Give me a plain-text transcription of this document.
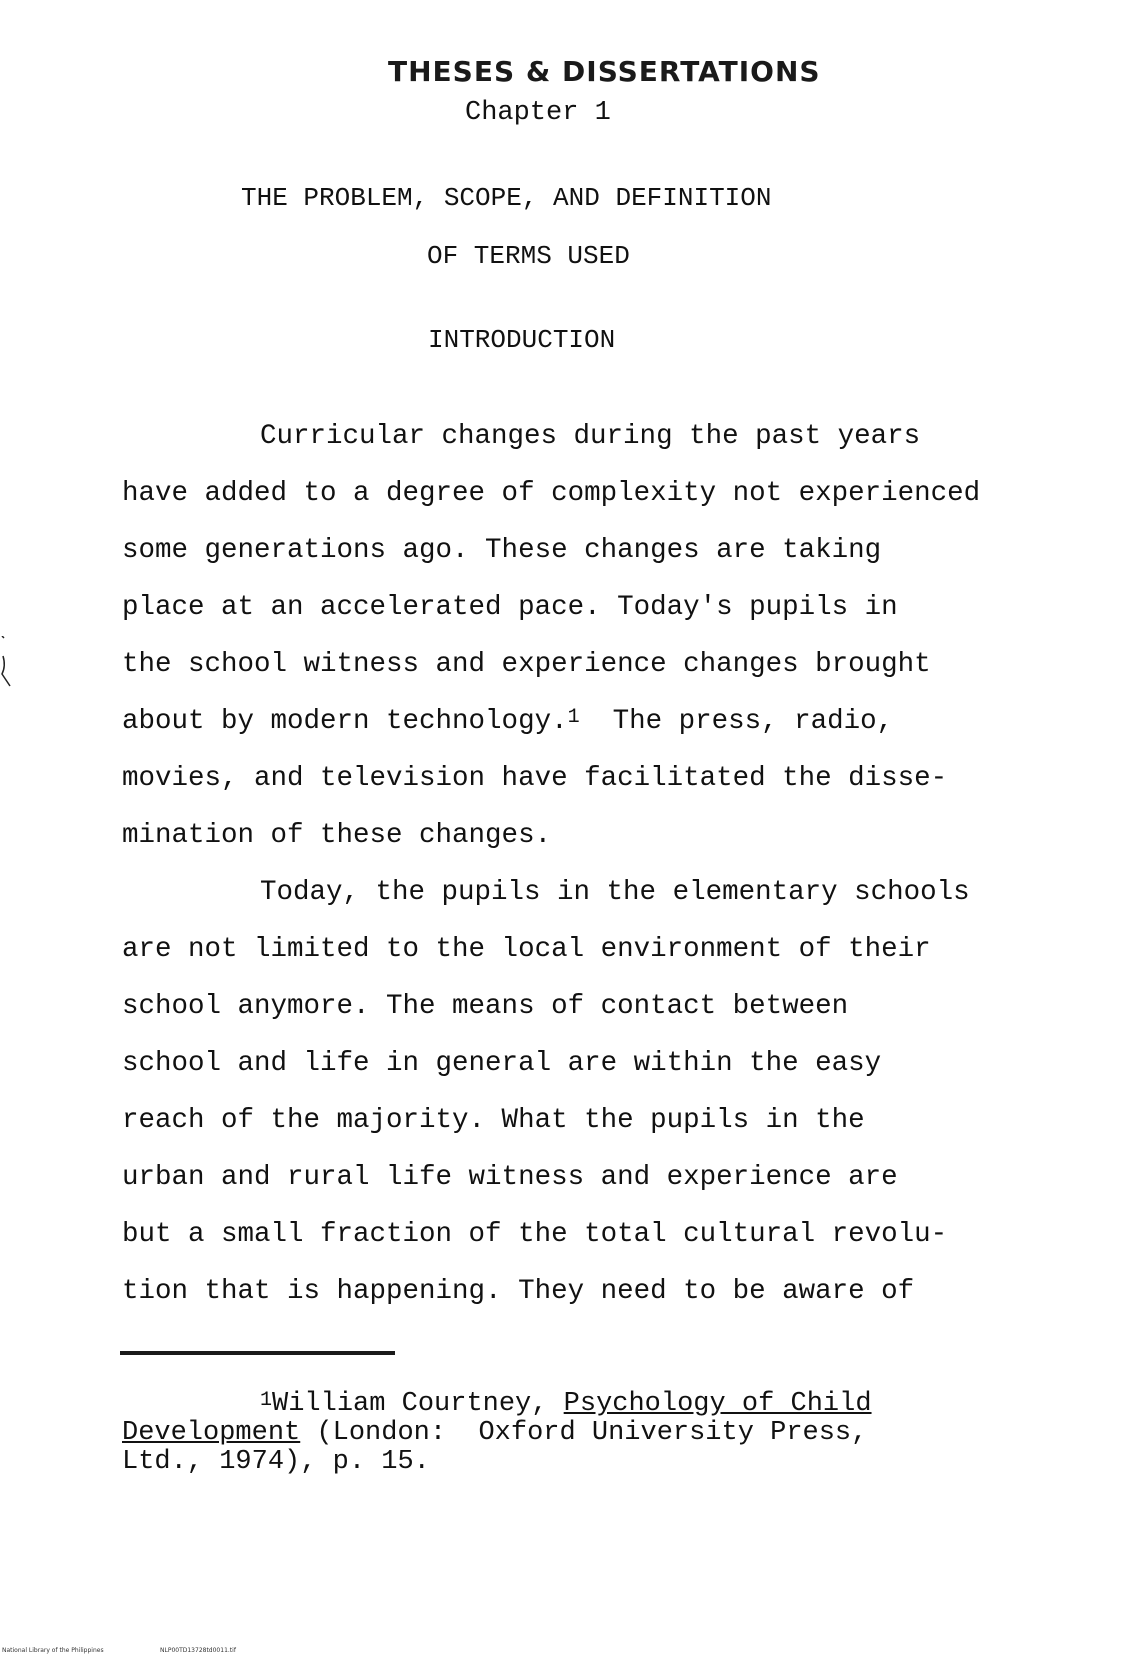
THESES & DISSERTATIONS
Chapter 1
THE PROBLEM, SCOPE, AND DEFINITION
OF TERMS USED
INTRODUCTION
Curricular changes during the past years
have added to a degree of complexity not experienced
some generations ago. These changes are taking
place at an accelerated pace. Today's pupils in
the school witness and experience changes brought
about by modern technology.$^1$  The press, radio,
movies, and television have facilitated the disse-
mination of these changes.
Today, the pupils in the elementary schools
are not limited to the local environment of their
school anymore. The means of contact between
school and life in general are within the easy
reach of the majority. What the pupils in the
urban and rural life witness and experience are
but a small fraction of the total cultural revolu-
tion that is happening. They need to be aware of
$^1$William Courtney, Psychology of Child
Development (London:  Oxford University Press,
Ltd., 1974), p. 15.
National Library of the Philippines	NLP00TD13728td0011.tif
